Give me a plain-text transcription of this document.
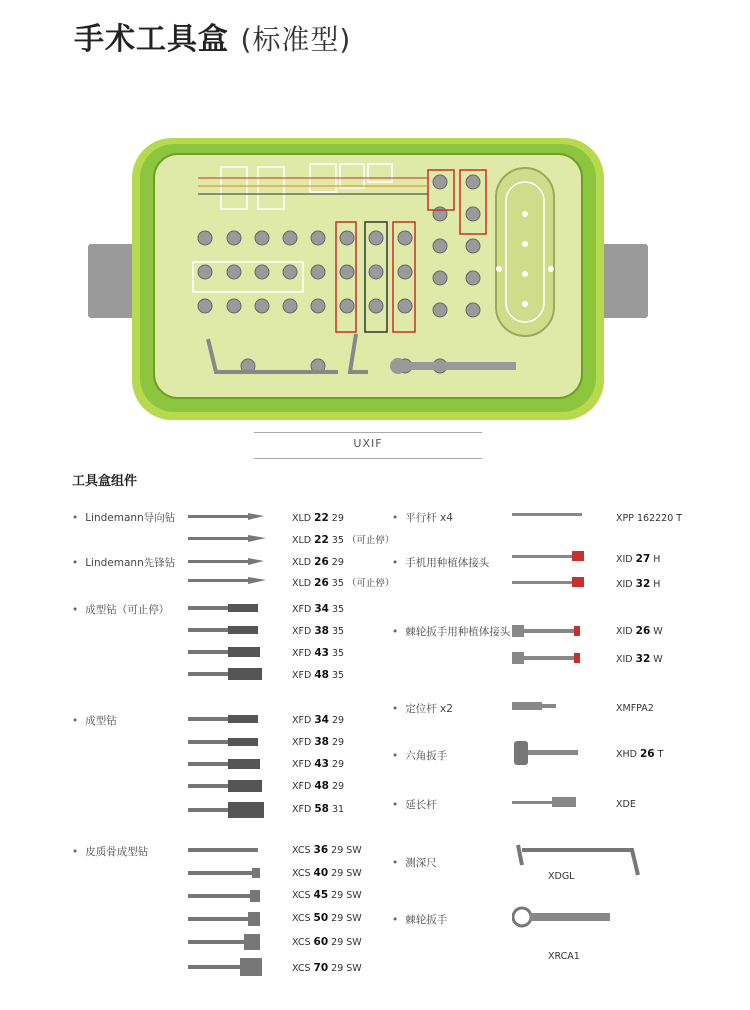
手术工具盒 (标准型)
UXIF
工具盒组件
• Lindemann导向钻
• Lindemann先锋钻
• 成型钻（可止停）
• 成型钻
• 皮质骨成型钻
XLD 22 29
XLD 22 35 （可止停）
XLD 26 29
XLD 26 35 （可止停）
XFD 34 35
XFD 38 35
XFD 43 35
XFD 48 35
XFD 34 29
XFD 38 29
XFD 43 29
XFD 48 29
XFD 58 31
XCS 36 29 SW
XCS 40 29 SW
XCS 45 29 SW
XCS 50 29 SW
XCS 60 29 SW
XCS 70 29 SW
• 平行杆 x4
• 手机用种植体接头
• 棘轮扳手用种植体接头
• 定位杆 x2
• 六角扳手
• 延长杆
• 测深尺
• 棘轮扳手
XPP 162220 T
XID 27 H
XID 32 H
XID 26 W
XID 32 W
XMFPA2
XHD 26 T
XDE
XDGL
XRCA1
